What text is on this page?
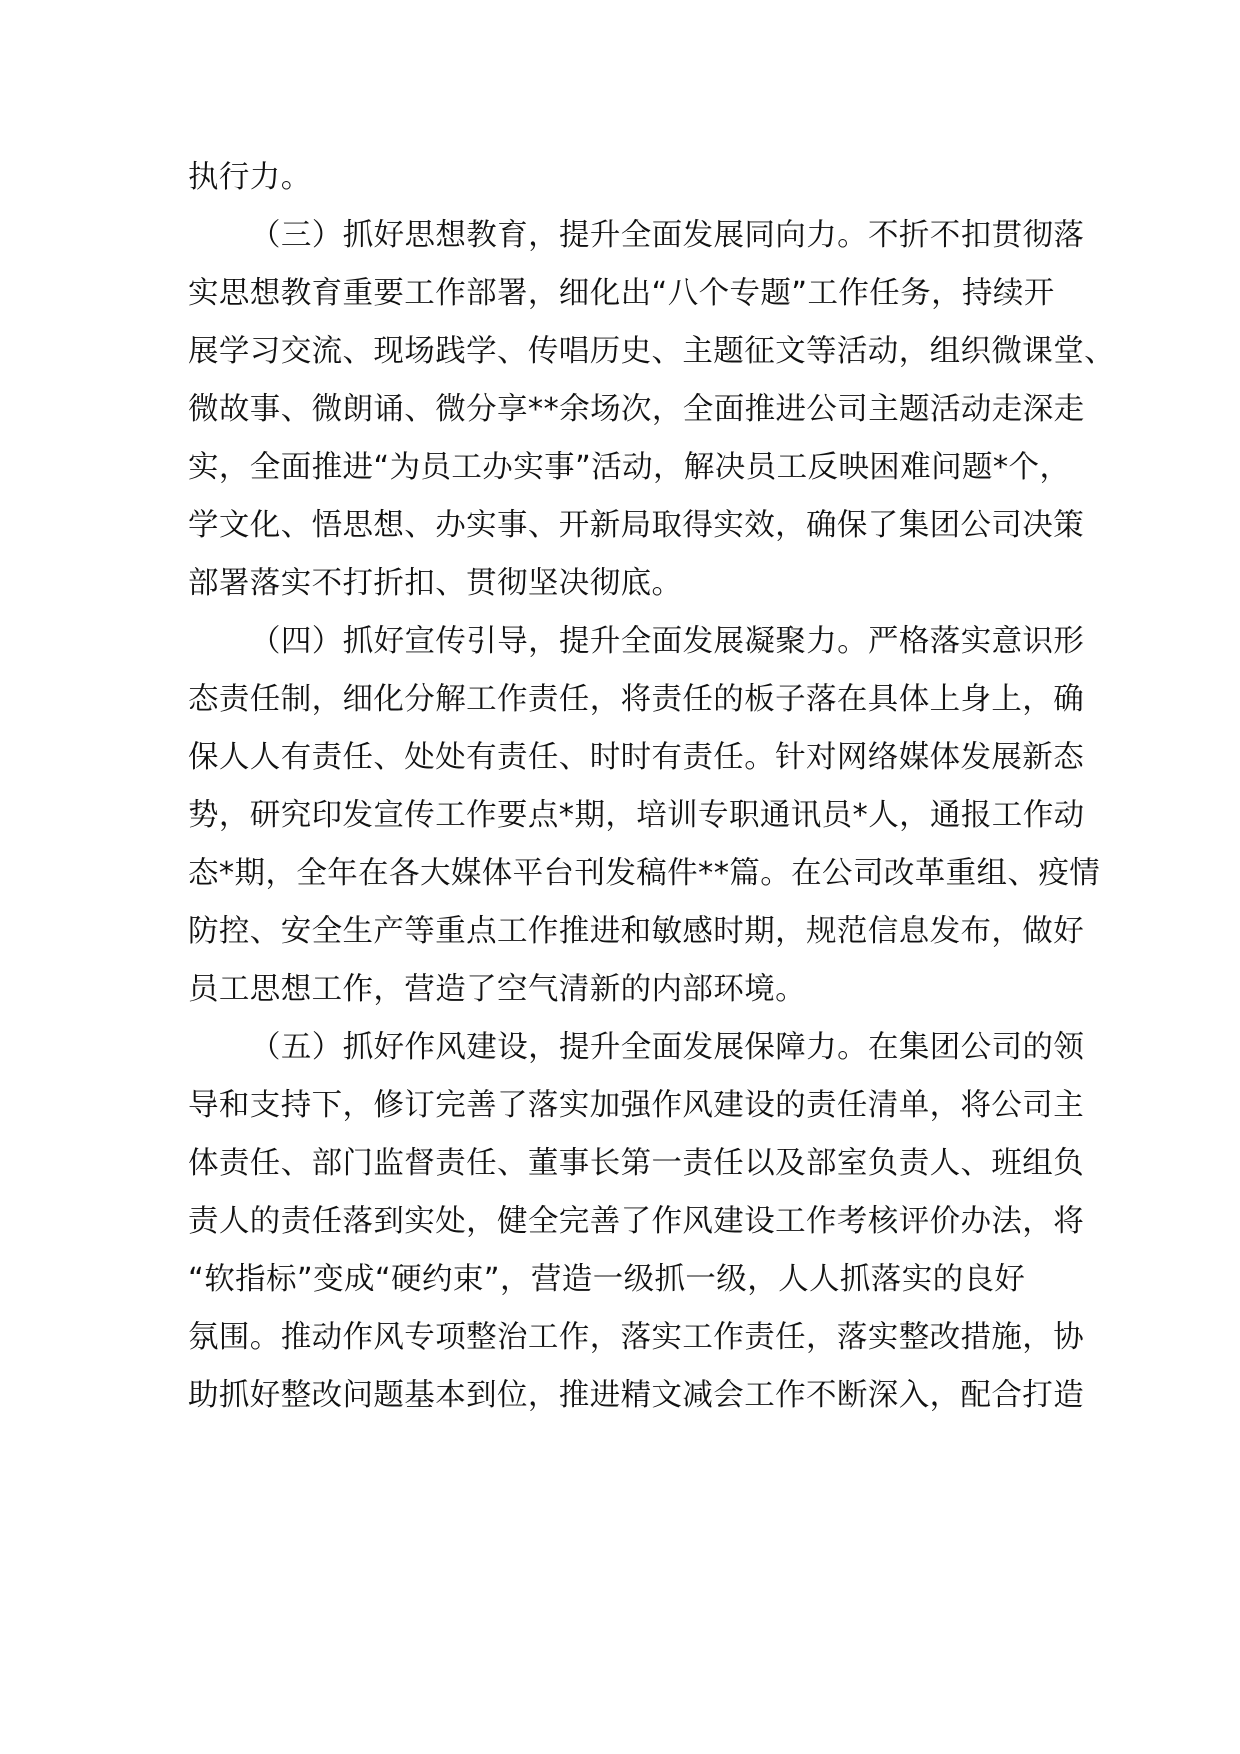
执行力。
（三）抓好思想教育，提升全面发展同向力。不折不扣贯彻落
实思想教育重要工作部署，细化出“八个专题”工作任务，持续开
展学习交流、现场践学、传唱历史、主题征文等活动，组织微课堂、
微故事、微朗诵、微分享**余场次，全面推进公司主题活动走深走
实，全面推进“为员工办实事”活动，解决员工反映困难问题*个，
学文化、悟思想、办实事、开新局取得实效，确保了集团公司决策
部署落实不打折扣、贯彻坚决彻底。
（四）抓好宣传引导，提升全面发展凝聚力。严格落实意识形
态责任制，细化分解工作责任，将责任的板子落在具体上身上，确
保人人有责任、处处有责任、时时有责任。针对网络媒体发展新态
势，研究印发宣传工作要点*期，培训专职通讯员*人，通报工作动
态*期，全年在各大媒体平台刊发稿件**篇。在公司改革重组、疫情
防控、安全生产等重点工作推进和敏感时期，规范信息发布，做好
员工思想工作，营造了空气清新的内部环境。
（五）抓好作风建设，提升全面发展保障力。在集团公司的领
导和支持下，修订完善了落实加强作风建设的责任清单，将公司主
体责任、部门监督责任、董事长第一责任以及部室负责人、班组负
责人的责任落到实处，健全完善了作风建设工作考核评价办法，将
“软指标”变成“硬约束”，营造一级抓一级，人人抓落实的良好
氛围。推动作风专项整治工作，落实工作责任，落实整改措施，协
助抓好整改问题基本到位，推进精文减会工作不断深入，配合打造
